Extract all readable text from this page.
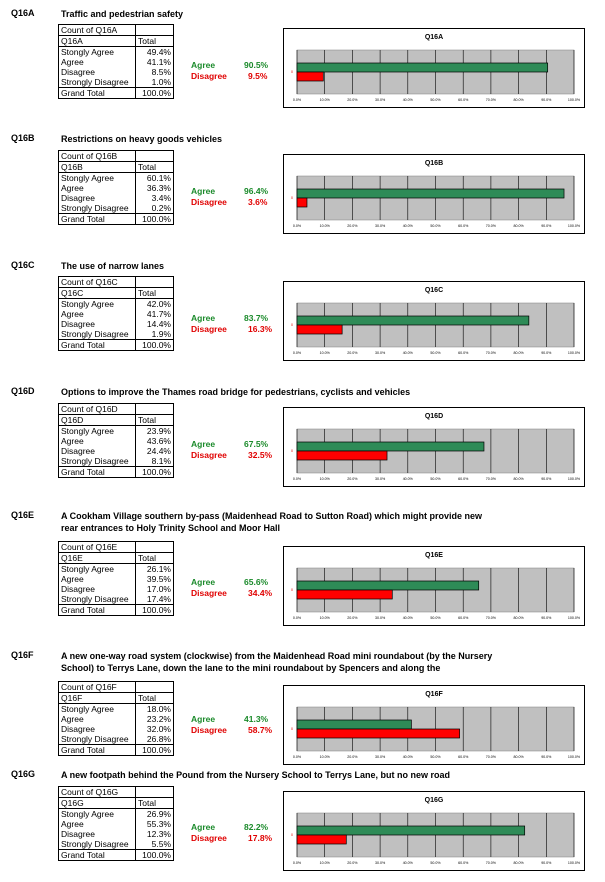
Q16A	Traffic and pedestrian safety
Count of Q16A	
Q16A	Total
Stongly Agree	49.4%
Agree	41.1%
Disagree	8.5%
Strongly Disagree	1.0%
Grand Total	100.0%
Agree	90.5%
Disagree 9.5%
Q16A
0.0%	10.0%	20.0%	30.0%	40.0%	50.0%	60.0%	70.0%	80.0%	90.0%	100.0%
0
Q16B	Restrictions on heavy goods vehicles
Count of Q16B	
Q16B	Total
Stongly Agree	60.1%
Agree	36.3%
Disagree	3.4%
Strongly Disagree	0.2%
Grand Total	100.0%
Agree	96.4%
Disagree 3.6%
Q16B
0.0%	10.0%	20.0%	30.0%	40.0%	50.0%	60.0%	70.0%	80.0%	90.0%	100.0%
0
Q16C	The use of narrow lanes
Count of Q16C	
Q16C	Total
Stongly Agree	42.0%
Agree	41.7%
Disagree	14.4%
Strongly Disagree	1.9%
Grand Total	100.0%
Agree	83.7%
Disagree 16.3%
Q16C
0.0%	10.0%	20.0%	30.0%	40.0%	50.0%	60.0%	70.0%	80.0%	90.0%	100.0%
0
Q16D	Options to improve the Thames road bridge for pedestrians, cyclists and vehicles
Count of Q16D	
Q16D	Total
Stongly Agree	23.9%
Agree	43.6%
Disagree	24.4%
Strongly Disagree	8.1%
Grand Total	100.0%
Agree	67.5%
Disagree 32.5%
Q16D
0.0%	10.0%	20.0%	30.0%	40.0%	50.0%	60.0%	70.0%	80.0%	90.0%	100.0%
0
Q16E	A Cookham Village southern by-pass (Maidenhead Road to Sutton Road) which might provide new rear entrances to Holy Trinity School and Moor Hall
Count of Q16E	
Q16E	Total
Stongly Agree	26.1%
Agree	39.5%
Disagree	17.0%
Strongly Disagree	17.4%
Grand Total	100.0%
Agree	65.6%
Disagree 34.4%
Q16E
0.0%	10.0%	20.0%	30.0%	40.0%	50.0%	60.0%	70.0%	80.0%	90.0%	100.0%
0
Q16F	A new one-way road system (clockwise) from the Maidenhead Road mini roundabout (by the Nursery School) to Terrys Lane, down the lane to the mini roundabout by Spencers and along the
Count of Q16F	
Q16F	Total
Stongly Agree	18.0%
Agree	23.2%
Disagree	32.0%
Strongly Disagree	26.8%
Grand Total	100.0%
Agree	41.3%
Disagree 58.7%
Q16F
0.0%	10.0%	20.0%	30.0%	40.0%	50.0%	60.0%	70.0%	80.0%	90.0%	100.0%
0
Q16G	A new footpath behind the Pound from the Nursery School to Terrys Lane, but no new road
Count of Q16G	
Q16G	Total
Stongly Agree	26.9%
Agree	55.3%
Disagree	12.3%
Strongly Disagree	5.5%
Grand Total	100.0%
Agree	82.2%
Disagree 17.8%
Q16G
0.0%	10.0%	20.0%	30.0%	40.0%	50.0%	60.0%	70.0%	80.0%	90.0%	100.0%
0
